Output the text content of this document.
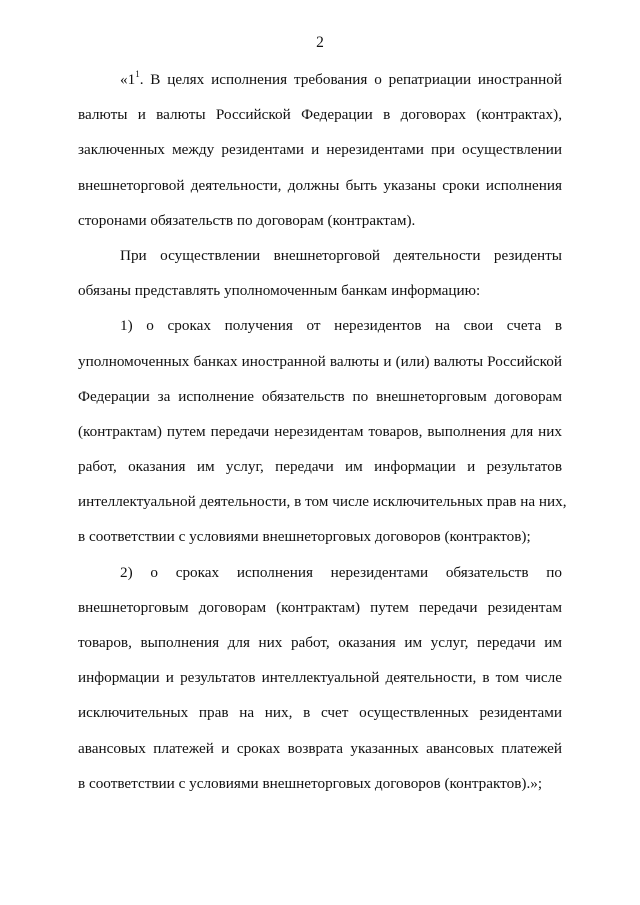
2
«$1^1$. В целях исполнения требования о репатриации иностранной
валюты и валюты Российской Федерации в договорах (контрактах),
заключенных между резидентами и нерезидентами при осуществлении
внешнеторговой деятельности, должны быть указаны сроки исполнения
сторонами обязательств по договорам (контрактам).
При осуществлении внешнеторговой деятельности резиденты
обязаны представлять уполномоченным банкам информацию:
1) о сроках получения от нерезидентов на свои счета в
уполномоченных банках иностранной валюты и (или) валюты Российской
Федерации за исполнение обязательств по внешнеторговым договорам
(контрактам) путем передачи нерезидентам товаров, выполнения для них
работ, оказания им услуг, передачи им информации и результатов
интеллектуальной деятельности, в том числе исключительных прав на них,
в соответствии с условиями внешнеторговых договоров (контрактов);
2) о сроках исполнения нерезидентами обязательств по
внешнеторговым договорам (контрактам) путем передачи резидентам
товаров, выполнения для них работ, оказания им услуг, передачи им
информации и результатов интеллектуальной деятельности, в том числе
исключительных прав на них, в счет осуществленных резидентами
авансовых платежей и сроках возврата указанных авансовых платежей
в соответствии с условиями внешнеторговых договоров (контрактов).»;
